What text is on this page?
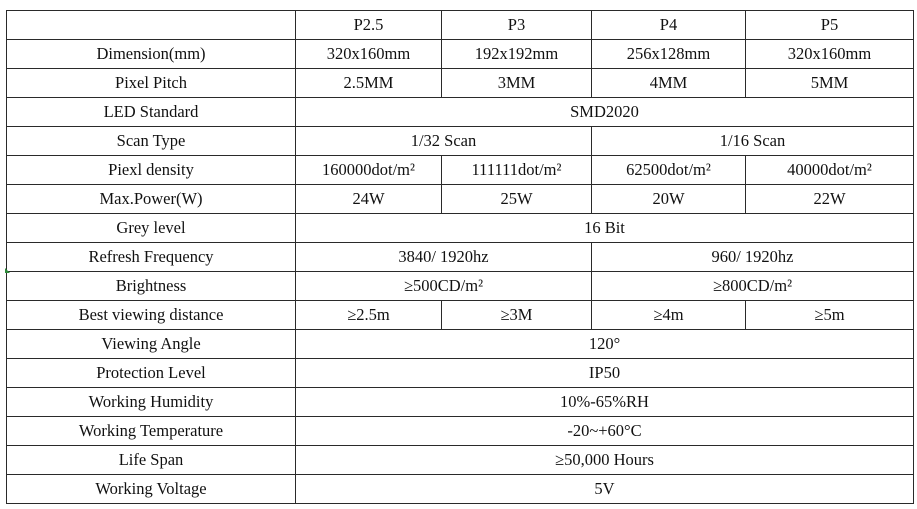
	P2.5	P3	P4	P5
Dimension(mm)	320x160mm	192x192mm	256x128mm	320x160mm
Pixel Pitch	2.5MM	3MM	4MM	5MM
LED Standard	SMD2020			
Scan Type	1/32 Scan		1/16 Scan	
Piexl density	160000dot/m²	111111dot/m²	62500dot/m²	40000dot/m²
Max.Power(W)	24W	25W	20W	22W
Grey level	16 Bit			
Refresh Frequency	3840/ 1920hz		960/ 1920hz	
Brightness	≥500CD/m²		≥800CD/m²	
Best viewing distance	≥2.5m	≥3M	≥4m	≥5m
Viewing Angle	120°			
Protection Level	IP50			
Working Humidity	10%-65%RH			
Working Temperature	-20~+60°C			
Life Span	≥50,000 Hours			
Working Voltage	5V			
